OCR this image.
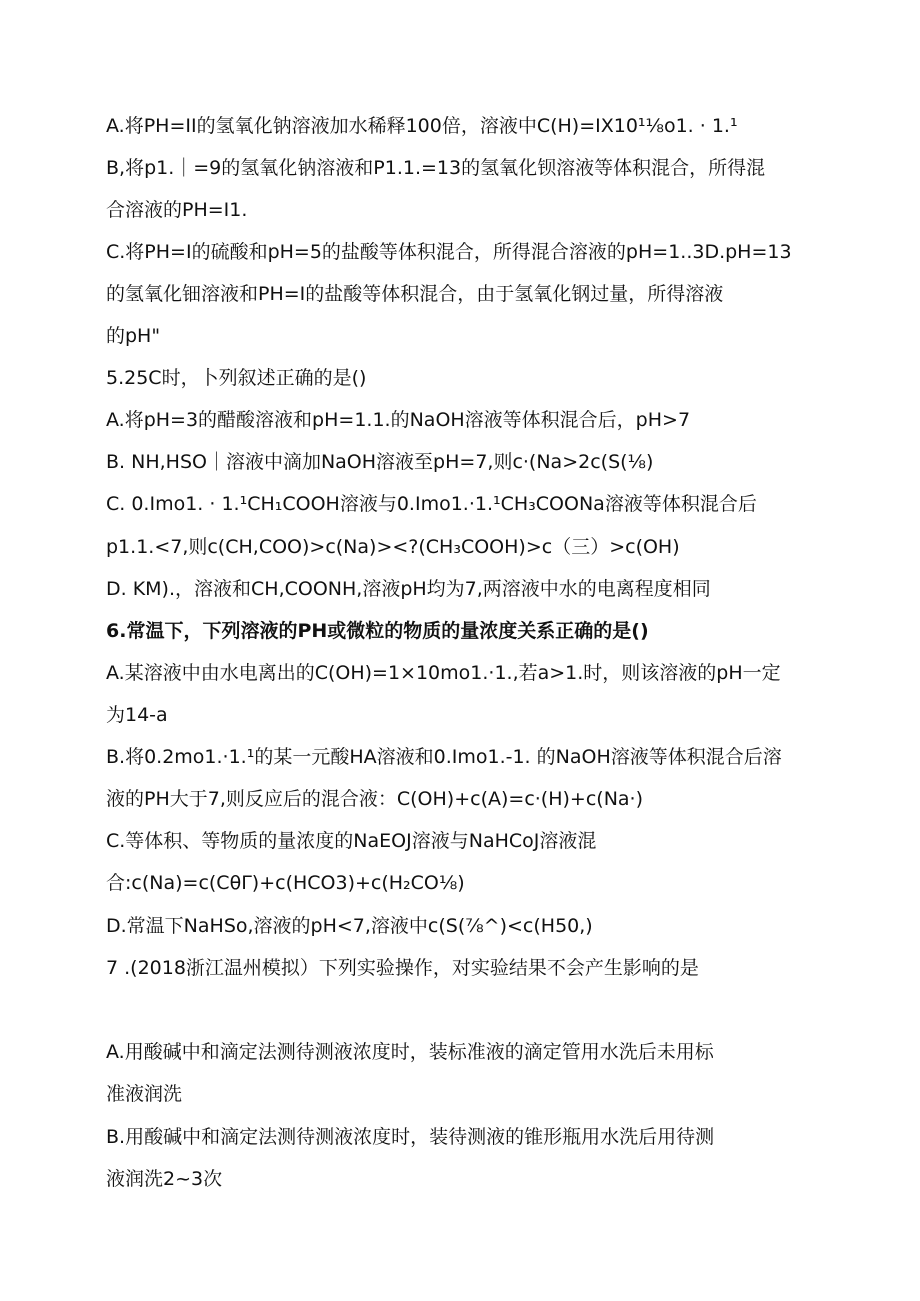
A.将PH=II的氢氧化钠溶液加水稀释100倍，溶液中C(H)=IX10¹⅛o1. · 1.¹
B,将p1.｜=9的氢氧化钠溶液和P1.1.=13的氢氧化钡溶液等体积混合，所得混
合溶液的PH=I1.
C.将PH=I的硫酸和pH=5的盐酸等体积混合，所得混合溶液的pH=1..3D.pH=13
的氢氧化钿溶液和PH=I的盐酸等体积混合，由于氢氧化钢过量，所得溶液
的pH"
5.25C时，卜列叙述正确的是()
A.将pH=3的醋酸溶液和pH=1.1.的NaOH溶液等体积混合后，pH>7
B. NH,HSO｜溶液中滴加NaOH溶液至pH=7,则c·(Na>2c(S(⅛)
C. 0.Imo1. · 1.¹CH₁COOH溶液与0.Imo1.·1.¹CH₃COONa溶液等体积混合后
p1.1.<7,则c(CH,COO)>c(Na)><?(CH₃COOH)>c（三）>c(OH)
D. KM).，溶液和CH,COONH,溶液pH均为7,两溶液中水的电离程度相同
6.常温下，下列溶液的PH或微粒的物质的量浓度关系正确的是()
A.某溶液中由水电离出的C(OH)=1×10mo1.·1.,若a>1.时，则该溶液的pH一定
为14-a
B.将0.2mo1.·1.¹的某一元酸HA溶液和0.Imo1.-1. 的NaOH溶液等体积混合后溶
液的PH大于7,则反应后的混合液：C(OH)+c(A)=c·(H)+c(Na·)
C.等体积、等物质的量浓度的NaEOJ溶液与NaHCoJ溶液混
合:c(Na)=c(CθΓ)+c(HCO3)+c(H₂CO⅛)
D.常温下NaHSo,溶液的pH<7,溶液中c(S(⅞^)<c(H50,)
7 .(2018浙江温州模拟）下列实验操作，对实验结果不会产生影响的是
A.用酸碱中和滴定法测待测液浓度时，装标准液的滴定管用水洗后未用标
准液润洗
B.用酸碱中和滴定法测待测液浓度时，装待测液的锥形瓶用水洗后用待测
液润洗2~3次
